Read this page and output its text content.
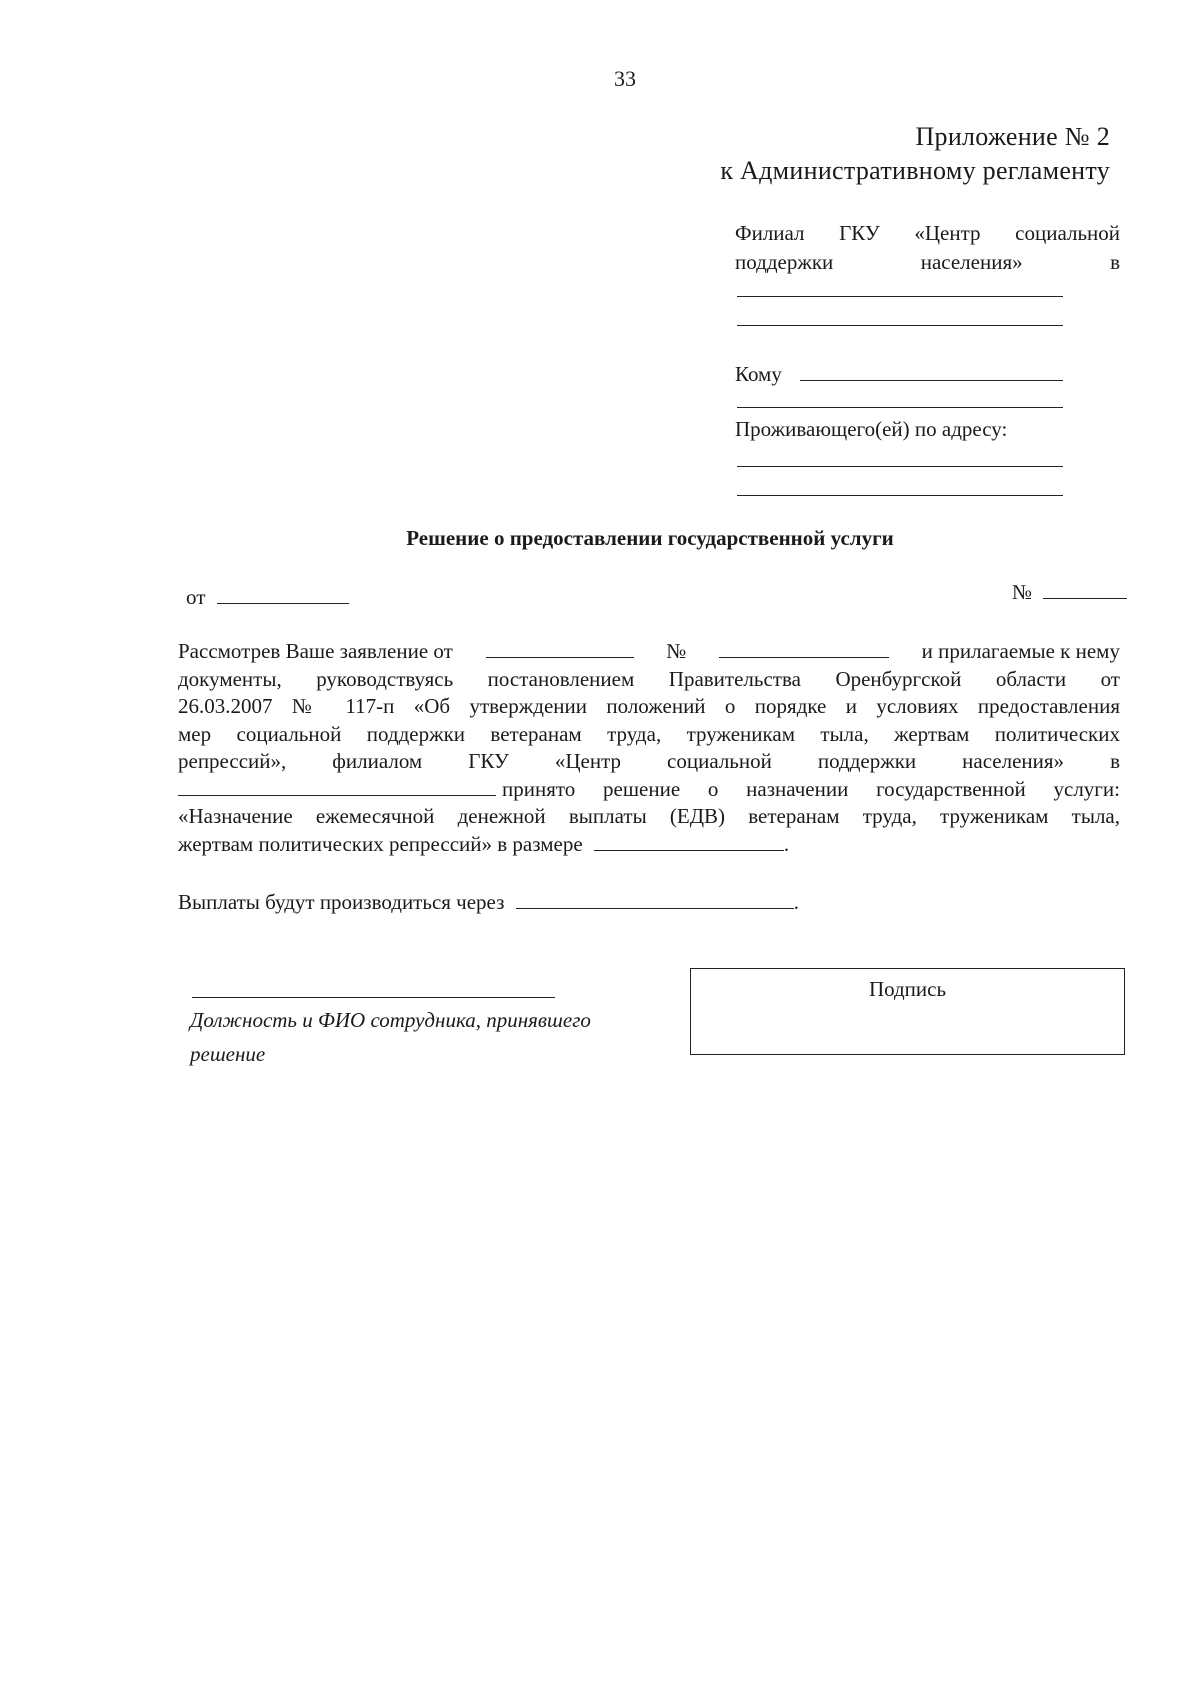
33
Приложение № 2
к Административному регламенту
Филиал ГКУ «Центр социальной
поддержки	населения»	в
Кому
Проживающего(ей) по адресу:
Решение о предоставлении государственной услуги
от	№

Рассмотрев Ваше заявление от	№	и прилагаемые к нему

документы, руководствуясь постановлением Правительства Оренбургской области от

26.03.2007 № 117-п «Об утверждении положений о порядке и условиях предоставления

мер социальной поддержки ветеранам труда, труженикам тыла, жертвам политических

репрессий», филиалом ГКУ «Центр социальной поддержки населения» в

принято решение о назначении государственной услуги:

«Назначение ежемесячной денежной выплаты (ЕДВ) ветеранам труда, труженикам тыла,

жертвам политических репрессий» в размере	.

Выплаты будут производиться через	.
Должность и ФИО сотрудника, принявшего
решение
Подпись
